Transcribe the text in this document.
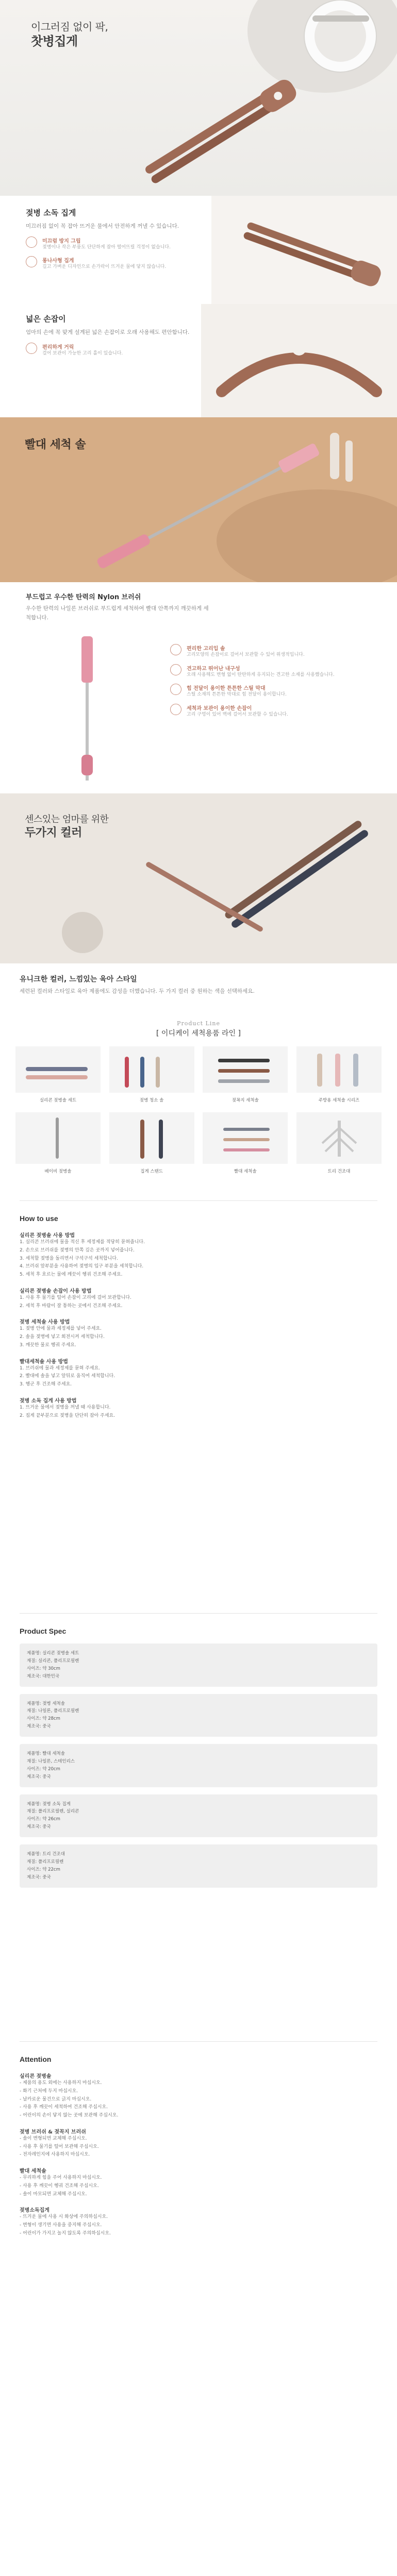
이그러짐 없이 팍,
찻병집게
젖병 소독 집게
미끄러짐 없이 꼭 잡아 뜨거운 물에서 안전하게 꺼낼 수 있습니다.
미끄럼 방지 그립
젖병이나 작은 부품도 단단하게 잡아 떨어뜨릴 걱정이 없습니다.
롱나사형 집게
길고 가벼운 디자인으로 손가락이 뜨거운 물에 닿지 않습니다.
넓은 손잡이
엄마의 손에 꼭 맞게 설계된 넓은 손잡이로 오래 사용해도 편안합니다.
편리하게 거릭
걸어 보관이 가능한 고리 홀이 있습니다.
빨대 세척 솔
부드럽고 우수한 탄력의 Nylon 브러쉬
우수한 탄력의 나일론 브러쉬로 부드럽게 세척하여 빨대 안쪽까지 깨끗하게 세척합니다.
편리한 고리입 솔
고리모양의 손잡이로 걸어서 보관할 수 있어 위생적입니다.
견고하고 뛰어난 내구성
오래 사용해도 변형 없이 탄탄하게 유지되는 견고한 소재를 사용했습니다.
힘 전달이 용이한 튼튼한 스틸 막대
스틸 소재의 튼튼한 막대로 힘 전달이 용이합니다.
세척과 보관이 용이한 손잡이
고리 구멍이 있어 벽에 걸어서 보관할 수 있습니다.
센스있는 엄마를 위한
두가지 컬러
유니크한 컬러, 느낌있는 육아 스타일
세련된 컬러와 스타일로 육아 제품에도 감성을 더했습니다. 두 가지 컬러 중 원하는 색을 선택하세요.
Product Line
[ 이디케이 세척용품 라인 ]
실리콘 젖병솔 세트	젖병 청소 솔	젖꼭지 세척솔	주방용 세척솔 시리즈
베이비 젖병솔	집게 스탠드	빨대 세척솔	트리 건조대
How to use

실리콘 젖병솔 사용 방법

1. 실리콘 브러쉬에 물을 적신 후 세정제를 적당히 묻혀줍니다.

2. 손으로 브러쉬를 젖병의 안쪽 깊은 곳까지 넣어줍니다.

3. 세척할 젖병을 돌리면서 구석구석 세척합니다.

4. 브러쉬 앞부분을 사용하여 젖병의 입구 부분을 세척합니다.

5. 세척 후 흐르는 물에 깨끗이 헹궈 건조해 주세요.

실리콘 젖병솔 손잡이 사용 방법

1. 사용 후 물기를 털어 손잡이 고리에 걸어 보관합니다.

2. 세척 후 바람이 잘 통하는 곳에서 건조해 주세요.

젖병 세척솔 사용 방법

1. 젖병 안에 물과 세정제를 넣어 주세요.

2. 솔을 젖병에 넣고 회전시켜 세척합니다.

3. 깨끗한 물로 헹궈 주세요.

빨대세척솔 사용 방법

1. 브러쉬에 물과 세정제를 묻혀 주세요.

2. 빨대에 솔을 넣고 앞뒤로 움직여 세척합니다.

3. 헹군 후 건조해 주세요.

젖병 소독 집게 사용 방법

1. 뜨거운 물에서 젖병을 꺼낼 때 사용합니다.

2. 집게 끝부분으로 젖병을 단단히 잡아 주세요.

Product Spec
제품명: 실리콘 젖병솔 세트
재질: 실리콘, 폴리프로필렌
사이즈: 약 30cm
제조국: 대한민국
제품명: 젖병 세척솔
재질: 나일론, 폴리프로필렌
사이즈: 약 28cm
제조국: 중국
제품명: 빨대 세척솔
재질: 나일론, 스테인리스
사이즈: 약 20cm
제조국: 중국
제품명: 젖병 소독 집게
재질: 폴리프로필렌, 실리콘
사이즈: 약 26cm
제조국: 중국
제품명: 트리 건조대
재질: 폴리프로필렌
사이즈: 약 22cm
제조국: 중국
Attention

실리콘 젖병솔

- 제품의 용도 외에는 사용하지 마십시오.

- 화기 근처에 두지 마십시오.

- 날카로운 물건으로 긁지 마십시오.

- 사용 후 깨끗이 세척하여 건조해 주십시오.

- 어린이의 손이 닿지 않는 곳에 보관해 주십시오.

젖병 브러쉬 & 젖꼭지 브러쉬

- 솔이 변형되면 교체해 주십시오.

- 사용 후 물기를 털어 보관해 주십시오.

- 전자레인지에 사용하지 마십시오.

빨대 세척솔

- 무리하게 힘을 주어 사용하지 마십시오.

- 사용 후 깨끗이 헹궈 건조해 주십시오.

- 솔이 마모되면 교체해 주십시오.

젖병소독집게

- 뜨거운 물에 사용 시 화상에 주의하십시오.

- 변형이 생기면 사용을 중지해 주십시오.

- 어린이가 가지고 놀지 않도록 주의하십시오.
